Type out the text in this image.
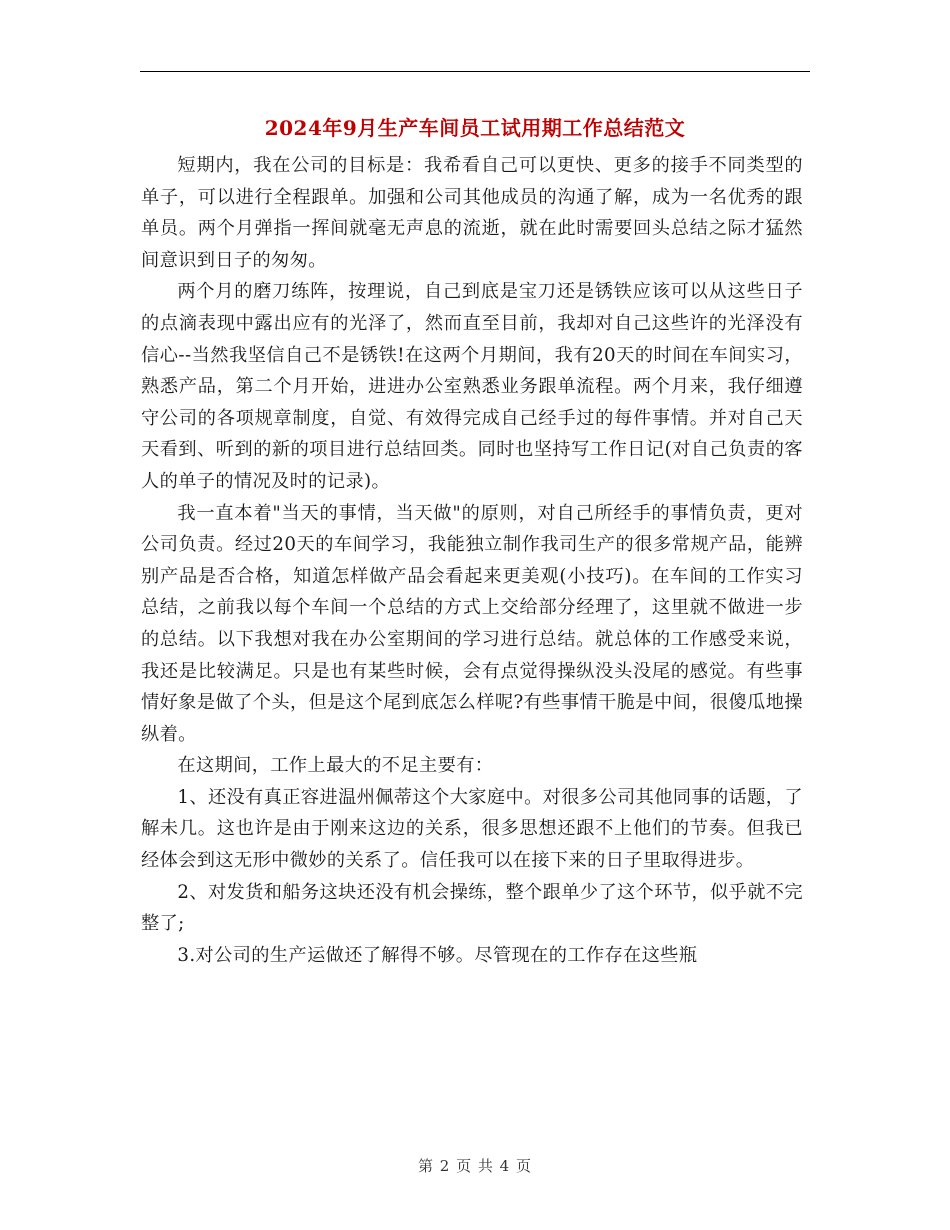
2024年9月生产车间员工试用期工作总结范文

短期内，我在公司的目标是：我希看自己可以更快、更多的接手不同类型的单子，可以进行全程跟单。加强和公司其他成员的沟通了解，成为一名优秀的跟单员。两个月弹指一挥间就毫无声息的流逝，就在此时需要回头总结之际才猛然间意识到日子的匆匆。

两个月的磨刀练阵，按理说，自己到底是宝刀还是锈铁应该可以从这些日子的点滴表现中露出应有的光泽了，然而直至目前，我却对自己这些许的光泽没有信心--当然我坚信自己不是锈铁!在这两个月期间，我有20天的时间在车间实习，熟悉产品，第二个月开始，进进办公室熟悉业务跟单流程。两个月来，我仔细遵守公司的各项规章制度，自觉、有效得完成自己经手过的每件事情。并对自己天天看到、听到的新的项目进行总结回类。同时也坚持写工作日记(对自己负责的客人的单子的情况及时的记录)。

我一直本着"当天的事情，当天做"的原则，对自己所经手的事情负责，更对公司负责。经过20天的车间学习，我能独立制作我司生产的很多常规产品，能辨别产品是否合格，知道怎样做产品会看起来更美观(小技巧)。在车间的工作实习总结，之前我以每个车间一个总结的方式上交给部分经理了，这里就不做进一步的总结。以下我想对我在办公室期间的学习进行总结。就总体的工作感受来说，我还是比较满足。只是也有某些时候，会有点觉得操纵没头没尾的感觉。有些事情好象是做了个头，但是这个尾到底怎么样呢?有些事情干脆是中间，很傻瓜地操纵着。

在这期间，工作上最大的不足主要有：

1、还没有真正容进温州佩蒂这个大家庭中。对很多公司其他同事的话题，了解未几。这也许是由于刚来这边的关系，很多思想还跟不上他们的节奏。但我已经体会到这无形中微妙的关系了。信任我可以在接下来的日子里取得进步。

2、对发货和船务这块还没有机会操练，整个跟单少了这个环节，似乎就不完整了;

3.对公司的生产运做还了解得不够。尽管现在的工作存在这些瓶

第 2 页 共 4 页
